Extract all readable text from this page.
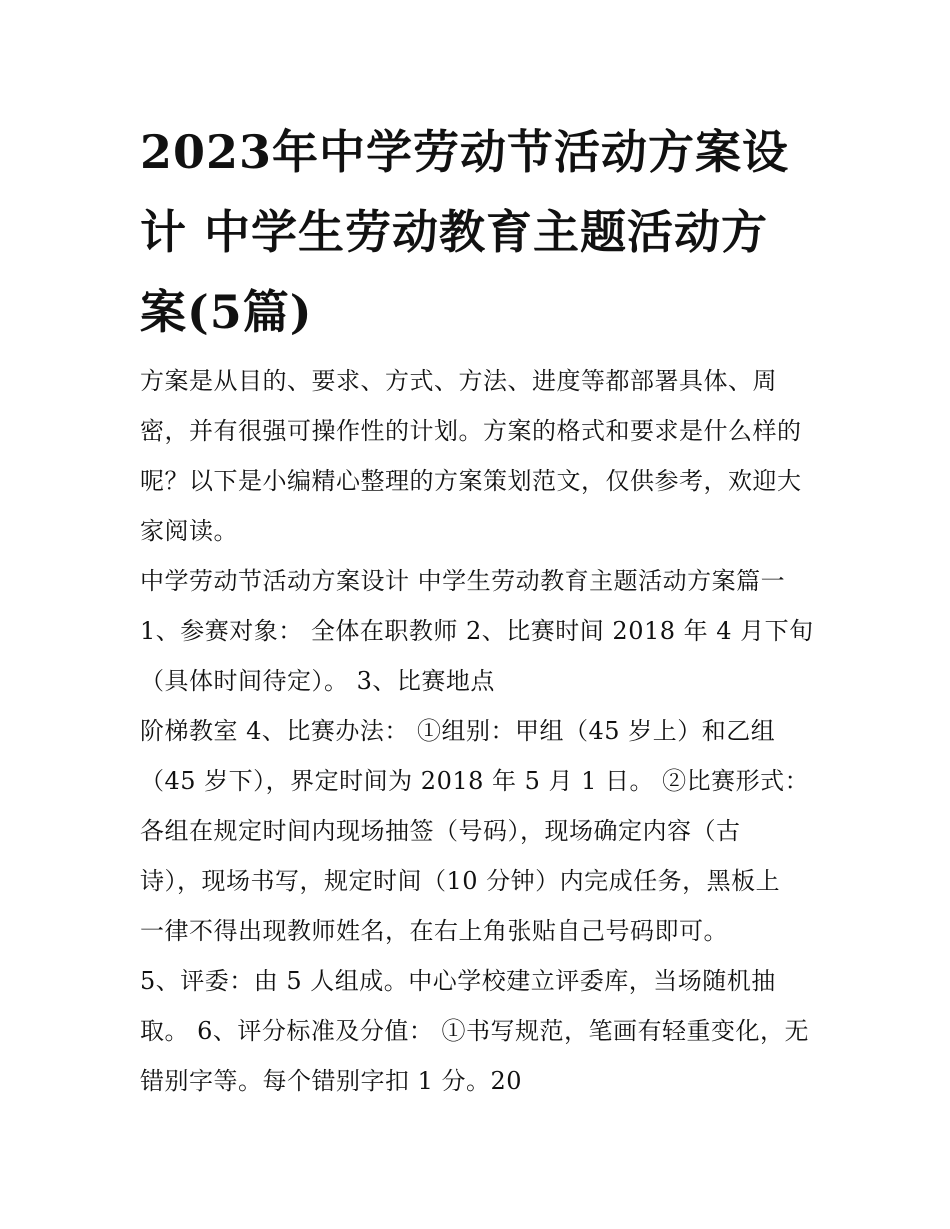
2023年中学劳动节活动方案设
计 中学生劳动教育主题活动方
案(5篇)
方案是从目的、要求、方式、方法、进度等都部署具体、周
密，并有很强可操作性的计划。方案的格式和要求是什么样的
呢？以下是小编精心整理的方案策划范文，仅供参考，欢迎大
家阅读。
中学劳动节活动方案设计 中学生劳动教育主题活动方案篇一
1、参赛对象： 全体在职教师 2、比赛时间 2018 年 4 月下旬
（具体时间待定）。 3、比赛地点
阶梯教室 4、比赛办法： ①组别：甲组（45 岁上）和乙组
（45 岁下），界定时间为 2018 年 5 月 1 日。 ②比赛形式：
各组在规定时间内现场抽签（号码），现场确定内容（古
诗），现场书写，规定时间（10 分钟）内完成任务，黑板上
一律不得出现教师姓名，在右上角张贴自己号码即可。
5、评委：由 5 人组成。中心学校建立评委库，当场随机抽
取。 6、评分标准及分值： ①书写规范，笔画有轻重变化，无
错别字等。每个错别字扣 1 分。20
